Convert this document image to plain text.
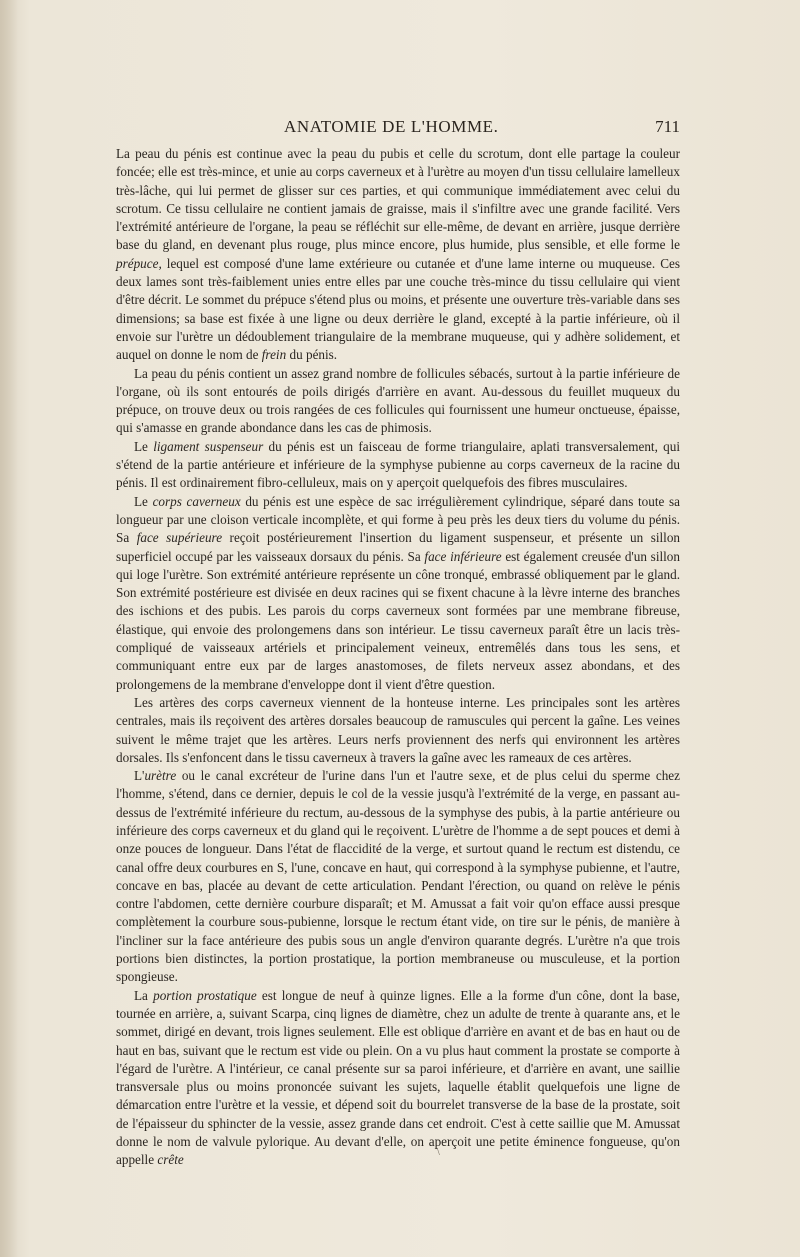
ANATOMIE DE L'HOMME.	711

La peau du pénis est continue avec la peau du pubis et celle du scrotum, dont elle partage la couleur foncée; elle est très-mince, et unie au corps caverneux et à l'urètre au moyen d'un tissu cellulaire lamelleux très-lâche, qui lui permet de glisser sur ces parties, et qui communique immédiatement avec celui du scrotum. Ce tissu cellulaire ne contient jamais de graisse, mais il s'infiltre avec une grande facilité. Vers l'extrémité antérieure de l'organe, la peau se réfléchit sur elle-même, de devant en arrière, jusque derrière base du gland, en devenant plus rouge, plus mince encore, plus humide, plus sensible, et elle forme le prépuce, lequel est composé d'une lame extérieure ou cutanée et d'une lame interne ou muqueuse. Ces deux lames sont très-faiblement unies entre elles par une couche très-mince du tissu cellulaire qui vient d'être décrit. Le sommet du prépuce s'étend plus ou moins, et présente une ouverture très-variable dans ses dimensions; sa base est fixée à une ligne ou deux derrière le gland, excepté à la partie inférieure, où il envoie sur l'urètre un dédoublement triangulaire de la membrane muqueuse, qui y adhère solidement, et auquel on donne le nom de frein du pénis.

La peau du pénis contient un assez grand nombre de follicules sébacés, surtout à la partie inférieure de l'organe, où ils sont entourés de poils dirigés d'arrière en avant. Au-dessous du feuillet muqueux du prépuce, on trouve deux ou trois rangées de ces follicules qui fournissent une humeur onctueuse, épaisse, qui s'amasse en grande abondance dans les cas de phimosis.

Le ligament suspenseur du pénis est un faisceau de forme triangulaire, aplati transversalement, qui s'étend de la partie antérieure et inférieure de la symphyse pubienne au corps caverneux de la racine du pénis. Il est ordinairement fibro-celluleux, mais on y aperçoit quelquefois des fibres musculaires.

Le corps caverneux du pénis est une espèce de sac irrégulièrement cylindrique, séparé dans toute sa longueur par une cloison verticale incomplète, et qui forme à peu près les deux tiers du volume du pénis. Sa face supérieure reçoit postérieurement l'insertion du ligament suspenseur, et présente un sillon superficiel occupé par les vaisseaux dorsaux du pénis. Sa face inférieure est également creusée d'un sillon qui loge l'urètre. Son extrémité antérieure représente un cône tronqué, embrassé obliquement par le gland. Son extrémité postérieure est divisée en deux racines qui se fixent chacune à la lèvre interne des branches des ischions et des pubis. Les parois du corps caverneux sont formées par une membrane fibreuse, élastique, qui envoie des prolongemens dans son intérieur. Le tissu caverneux paraît être un lacis très-compliqué de vaisseaux artériels et principalement veineux, entremêlés dans tous les sens, et communiquant entre eux par de larges anastomoses, de filets nerveux assez abondans, et des prolongemens de la membrane d'enveloppe dont il vient d'être question.

Les artères des corps caverneux viennent de la honteuse interne. Les principales sont les artères centrales, mais ils reçoivent des artères dorsales beaucoup de ramuscules qui percent la gaîne. Les veines suivent le même trajet que les artères. Leurs nerfs proviennent des nerfs qui environnent les artères dorsales. Ils s'enfoncent dans le tissu caverneux à travers la gaîne avec les rameaux de ces artères.

L'urètre ou le canal excréteur de l'urine dans l'un et l'autre sexe, et de plus celui du sperme chez l'homme, s'étend, dans ce dernier, depuis le col de la vessie jusqu'à l'extrémité de la verge, en passant au-dessus de l'extrémité inférieure du rectum, au-dessous de la symphyse des pubis, à la partie antérieure ou inférieure des corps caverneux et du gland qui le reçoivent. L'urètre de l'homme a de sept pouces et demi à onze pouces de longueur. Dans l'état de flaccidité de la verge, et surtout quand le rectum est distendu, ce canal offre deux courbures en S, l'une, concave en haut, qui correspond à la symphyse pubienne, et l'autre, concave en bas, placée au devant de cette articulation. Pendant l'érection, ou quand on relève le pénis contre l'abdomen, cette dernière courbure disparaît; et M. Amussat a fait voir qu'on efface aussi presque complètement la courbure sous-pubienne, lorsque le rectum étant vide, on tire sur le pénis, de manière à l'incliner sur la face antérieure des pubis sous un angle d'environ quarante degrés. L'urètre n'a que trois portions bien distinctes, la portion prostatique, la portion membraneuse ou musculeuse, et la portion spongieuse.

La portion prostatique est longue de neuf à quinze lignes. Elle a la forme d'un cône, dont la base, tournée en arrière, a, suivant Scarpa, cinq lignes de diamètre, chez un adulte de trente à quarante ans, et le sommet, dirigé en devant, trois lignes seulement. Elle est oblique d'arrière en avant et de bas en haut ou de haut en bas, suivant que le rectum est vide ou plein. On a vu plus haut comment la prostate se comporte à l'égard de l'urètre. A l'intérieur, ce canal présente sur sa paroi inférieure, et d'arrière en avant, une saillie transversale plus ou moins prononcée suivant les sujets, laquelle établit quelquefois une ligne de démarcation entre l'urètre et la vessie, et dépend soit du bourrelet transverse de la base de la prostate, soit de l'épaisseur du sphincter de la vessie, assez grande dans cet endroit. C'est à cette saillie que M. Amussat donne le nom de valvule pylorique. Au devant d'elle, on aperçoit une petite éminence fongueuse, qu'on appelle crête	\
